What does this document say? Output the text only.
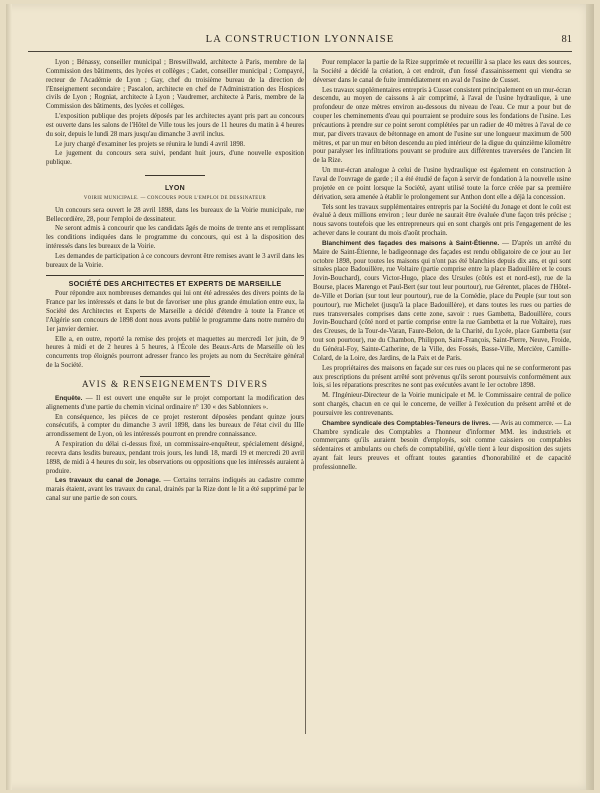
LA CONSTRUCTION LYONNAISE	81

Lyon ; Bénassy, conseiller municipal ; Breswillwald, architecte à Paris, membre de la Commission des bâtiments, des lycées et collèges ; Cadet, conseiller municipal ; Compayré, recteur de l'Académie de Lyon ; Gay, chef du troisième bureau de la direction de l'Enseignement secondaire ; Pascalon, architecte en chef de l'Administration des Hospices civils de Lyon ; Rogniat, architecte à Lyon ; Vaudremer, architecte à Paris, membre de la Commission des bâtiments, des lycées et collèges.

L'exposition publique des projets déposés par les architectes ayant pris part au concours est ouverte dans les salons de l'Hôtel de Ville tous les jours de 11 heures du matin à 4 heures du soir, depuis le lundi 28 mars jusqu'au dimanche 3 avril inclus.

Le jury chargé d'examiner les projets se réunira le lundi 4 avril 1898.

Le jugement du concours sera suivi, pendant huit jours, d'une nouvelle exposition publique.

LYON

VOIRIE MUNICIPALE. — CONCOURS POUR L'EMPLOI DE DESSINATEUR

Un concours sera ouvert le 28 avril 1898, dans les bureaux de la Voirie municipale, rue Bellecordière, 28, pour l'emploi de dessinateur.

Ne seront admis à concourir que les candidats âgés de moins de trente ans et remplissant les conditions indiquées dans le programme du concours, qui est à la disposition des intéressés dans les bureaux de la Voirie.

Les demandes de participation à ce concours devront être remises avant le 3 avril dans les bureaux de la Voirie.

SOCIÉTÉ DES ARCHITECTES ET EXPERTS DE MARSEILLE

Pour répondre aux nombreuses demandes qui lui ont été adressées des divers points de la France par les intéressés et dans le but de favoriser une plus grande émulation entre eux, la Société des Architectes et Experts de Marseille a décidé d'étendre à toute la France et l'Algérie son concours de 1898 dont nous avons publié le programme dans notre numéro du 1er janvier dernier.

Elle a, en outre, reporté la remise des projets et maquettes au mercredi 1er juin, de 9 heures à midi et de 2 heures à 5 heures, à l'École des Beaux-Arts de Marseille où les concurrents trop éloignés pourront adresser franco les projets au nom du Secrétaire général de la Société.

AVIS & RENSEIGNEMENTS DIVERS

Enquête. — Il est ouvert une enquête sur le projet comportant la modification des alignements d'une partie du chemin vicinal ordinaire n° 130 « des Sablonniers ».

En conséquence, les pièces de ce projet resteront déposées pendant quinze jours consécutifs, à compter du dimanche 3 avril 1898, dans les bureaux de l'état civil du IIIe arrondissement de Lyon, où les intéressés pourront en prendre connaissance.

A l'expiration du délai ci-dessus fixé, un commissaire-enquêteur, spécialement désigné, recevra dans lesdits bureaux, pendant trois jours, les lundi 18, mardi 19 et mercredi 20 avril 1898, de midi à 4 heures du soir, les observations ou oppositions que les intéressés auraient à produire.

Les travaux du canal de Jonage. — Certains terrains indiqués au cadastre comme marais étaient, avant les travaux du canal, drainés par la Rize dont le lit a été supprimé par le canal sur une partie de son cours.

Pour remplacer la partie de la Rize supprimée et recueillir à sa place les eaux des sources, la Société a décidé la création, à cet endroit, d'un fossé d'assainissement qui viendra se déverser dans le canal de fuite immédiatement en aval de l'usine de Cusset.

Les travaux supplémentaires entrepris à Cusset consistent principalement en un mur-écran descendu, au moyen de caissons à air comprimé, à l'aval de l'usine hydraulique, à une profondeur de onze mètres environ au-dessous du niveau de l'eau. Ce mur a pour but de couper les cheminements d'eau qui pourraient se produire sous les fondations de l'usine. Les précautions à prendre sur ce point seront complétées par un radier de 40 mètres à l'aval de ce mur, par divers travaux de bétonnage en amont de l'usine sur une longueur maximum de 500 mètres, et par un mur en béton descendu au pied intérieur de la digue du quinzième kilomètre pour paralyser les infiltrations pouvant se produire aux différentes traversées de l'ancien lit de la Rize.

Un mur-écran analogue à celui de l'usine hydraulique est également en construction à l'aval de l'ouvrage de garde ; il a été étudié de façon à servir de fondation à la nouvelle usine projetée en ce point lorsque la Société, ayant utilisé toute la force créée par sa première dérivation, sera amenée à établir le prolongement sur Anthon dont elle a déjà la concession.

Tels sont les travaux supplémentaires entrepris par la Société du Jonage et dont le coût est évalué à deux millions environ ; leur durée ne saurait être évaluée d'une façon très précise ; nous savons toutefois que les entrepreneurs qui en sont chargés ont pris l'engagement de les achever dans le courant du mois d'août prochain.

Blanchiment des façades des maisons à Saint-Étienne. — D'après un arrêté du Maire de Saint-Étienne, le badigeonnage des façades est rendu obligatoire de ce jour au 1er octobre 1898, pour toutes les maisons qui n'ont pas été blanchies depuis dix ans, et qui sont situées place Badouillère, rue Voltaire (partie comprise entre la place Badouillère et le cours Jovin-Bouchard), cours Victor-Hugo, place des Ursules (côtés est et nord-est), rue de la Bourse, places Marengo et Paul-Bert (sur tout leur pourtour), rue Gérentet, places de l'Hôtel-de-Ville et Dorian (sur tout leur pourtour), rue de la Comédie, place du Peuple (sur tout son pourtour), rue Michelet (jusqu'à la place Badouillère), et dans toutes les rues ou parties de rues transversales comprises dans cette zone, savoir : rues Gambetta, Badouillère, cours Jovin-Bouchard (côté nord et partie comprise entre la rue Gambetta et la rue Voltaire), rues des Creuses, de la Tour-de-Varan, Faure-Belon, de la Charité, du Lycée, place Gambetta (sur tout son pourtour), rue du Chambon, Philippon, Saint-François, Saint-Pierre, Neuve, Froide, du Général-Foy, Sainte-Catherine, de la Ville, des Fossés, Basse-Ville, Mercière, Camille-Colard, de la Loire, des Jardins, de la Paix et de Paris.

Les propriétaires des maisons en façade sur ces rues ou places qui ne se conformeront pas aux prescriptions du présent arrêté sont prévenus qu'ils seront poursuivis conformément aux lois, si les réparations prescrites ne sont pas exécutées avant le 1er octobre 1898.

M. l'Ingénieur-Directeur de la Voirie municipale et M. le Commissaire central de police sont chargés, chacun en ce qui le concerne, de veiller à l'exécution du présent arrêté et de poursuivre les contrevenants.

Chambre syndicale des Comptables-Teneurs de livres. — Avis au commerce. — La Chambre syndicale des Comptables a l'honneur d'informer MM. les industriels et commerçants qu'ils auraient besoin d'employés, soit comme caissiers ou comptables sédentaires et ambulants ou chefs de comptabilité, qu'elle tient à leur disposition des sujets ayant fait leurs preuves et offrant toutes garanties d'honorabilité et de capacité professionnelle.
